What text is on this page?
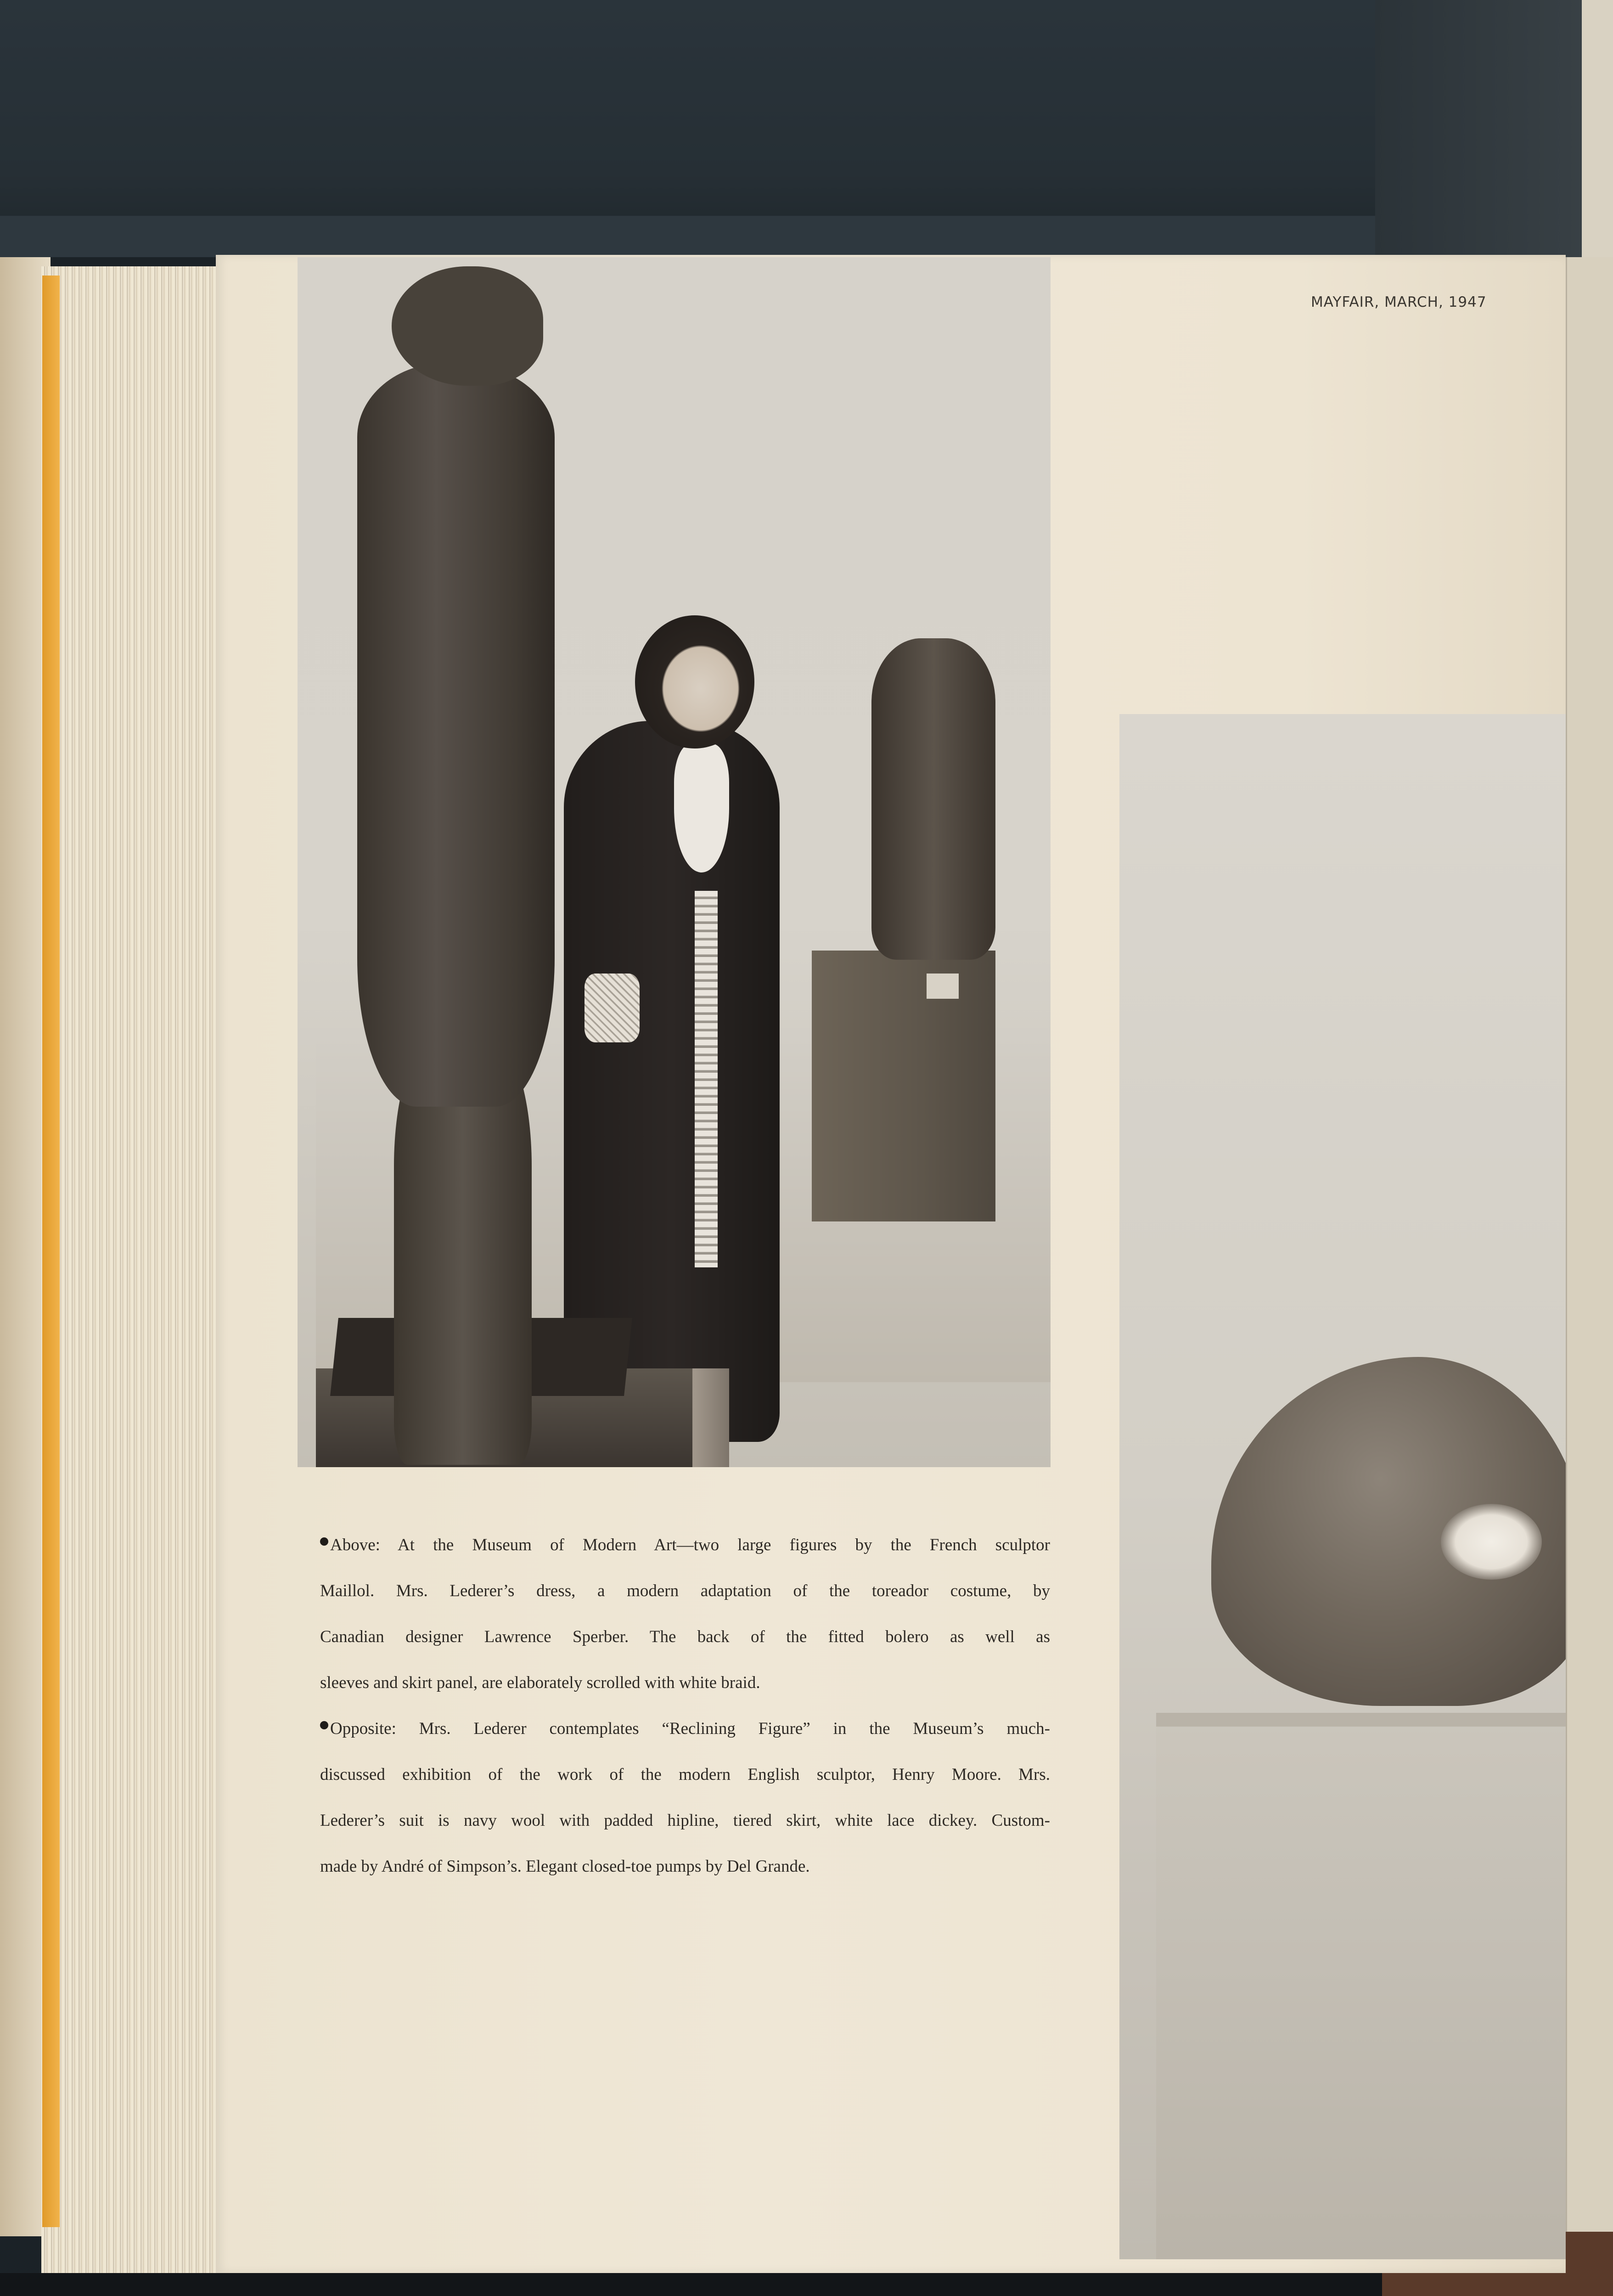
MAYFAIR, MARCH, 1947
Above: At the Museum of Modern Art—two large figures by the French sculptor
Maillol. Mrs. Lederer’s dress, a modern adaptation of the toreador costume, by
Canadian designer Lawrence Sperber. The back of the fitted bolero as well as
sleeves and skirt panel, are elaborately scrolled with white braid.
Opposite: Mrs. Lederer contemplates “Reclining Figure” in the Museum’s much-
discussed exhibition of the work of the modern English sculptor, Henry Moore. Mrs.
Lederer’s suit is navy wool with padded hipline, tiered skirt, white lace dickey. Custom-
made by André of Simpson’s. Elegant closed-toe pumps by Del Grande.
